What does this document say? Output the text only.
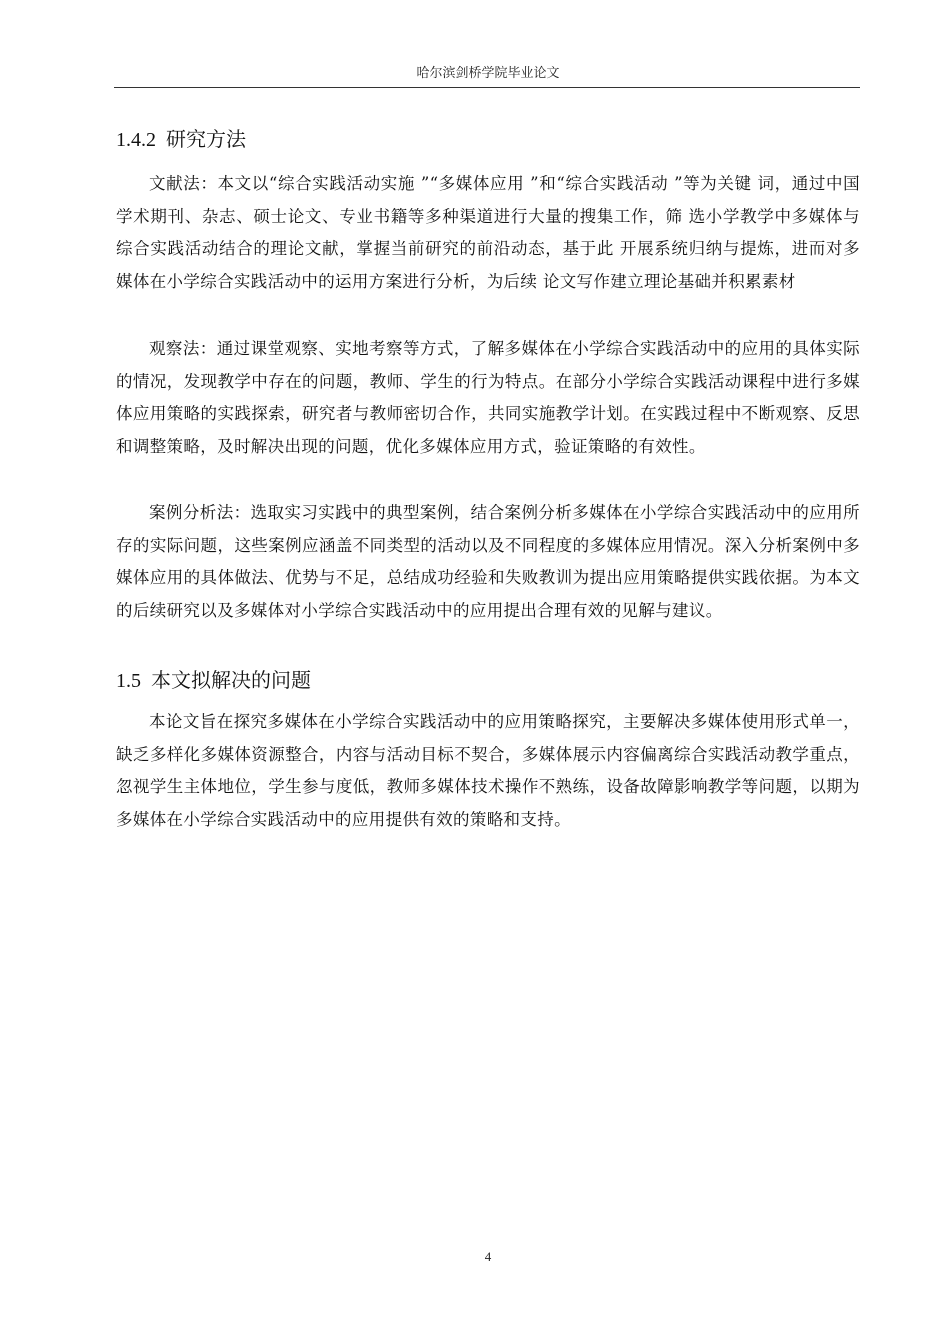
哈尔滨剑桥学院毕业论文
1.4.2 研究方法

文献法：本文以“综合实践活动实施 ”“多媒体应用 ”和“综合实践活动 ”等为关键 词，通过中国学术期刊、杂志、硕士论文、专业书籍等多种渠道进行大量的搜集工作，筛 选小学教学中多媒体与综合实践活动结合的理论文献，掌握当前研究的前沿动态，基于此 开展系统归纳与提炼，进而对多媒体在小学综合实践活动中的运用方案进行分析，为后续 论文写作建立理论基础并积累素材

观察法：通过课堂观察、实地考察等方式，了解多媒体在小学综合实践活动中的应用的具体实际的情况，发现教学中存在的问题，教师、学生的行为特点。在部分小学综合实践活动课程中进行多媒体应用策略的实践探索，研究者与教师密切合作，共同实施教学计划。在实践过程中不断观察、反思和调整策略，及时解决出现的问题，优化多媒体应用方式，验证策略的有效性。

案例分析法：选取实习实践中的典型案例，结合案例分析多媒体在小学综合实践活动中的应用所存的实际问题，这些案例应涵盖不同类型的活动以及不同程度的多媒体应用情况。深入分析案例中多媒体应用的具体做法、优势与不足，总结成功经验和失败教训为提出应用策略提供实践依据。为本文的后续研究以及多媒体对小学综合实践活动中的应用提出合理有效的见解与建议。

1.5 本文拟解决的问题

本论文旨在探究多媒体在小学综合实践活动中的应用策略探究，主要解决多媒体使用形式单一，缺乏多样化多媒体资源整合，内容与活动目标不契合，多媒体展示内容偏离综合实践活动教学重点，忽视学生主体地位，学生参与度低，教师多媒体技术操作不熟练，设备故障影响教学等问题，以期为多媒体在小学综合实践活动中的应用提供有效的策略和支持。

4
